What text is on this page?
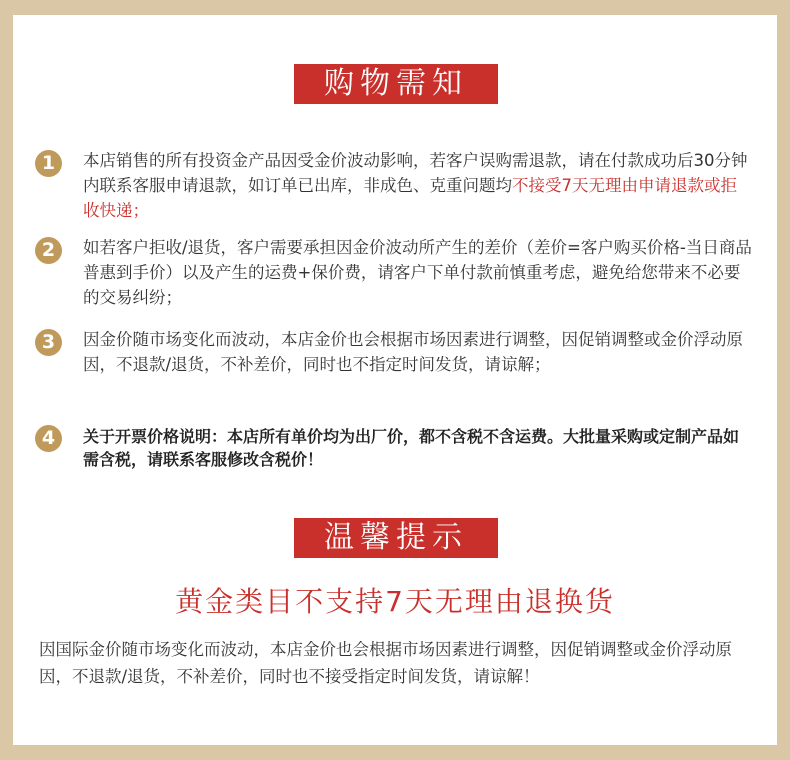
购物需知
1	本店销售的所有投资金产品因受金价波动影响，若客户误购需退款，请在付款成功后30分钟内联系客服申请退款，如订单已出库，非成色、克重问题均不接受7天无理由申请退款或拒收快递；
2	如若客户拒收/退货，客户需要承担因金价波动所产生的差价（差价=客户购买价格-当日商品普惠到手价）以及产生的运费+保价费，请客户下单付款前慎重考虑，避免给您带来不必要的交易纠纷；
3	因金价随市场变化而波动，本店金价也会根据市场因素进行调整，因促销调整或金价浮动原因，不退款/退货，不补差价，同时也不指定时间发货，请谅解；
4	关于开票价格说明：本店所有单价均为出厂价，都不含税不含运费。大批量采购或定制产品如需含税，请联系客服修改含税价！
温馨提示
黄金类目不支持7天无理由退换货
因国际金价随市场变化而波动，本店金价也会根据市场因素进行调整，因促销调整或金价浮动原因，不退款/退货，不补差价，同时也不接受指定时间发货，请谅解！
